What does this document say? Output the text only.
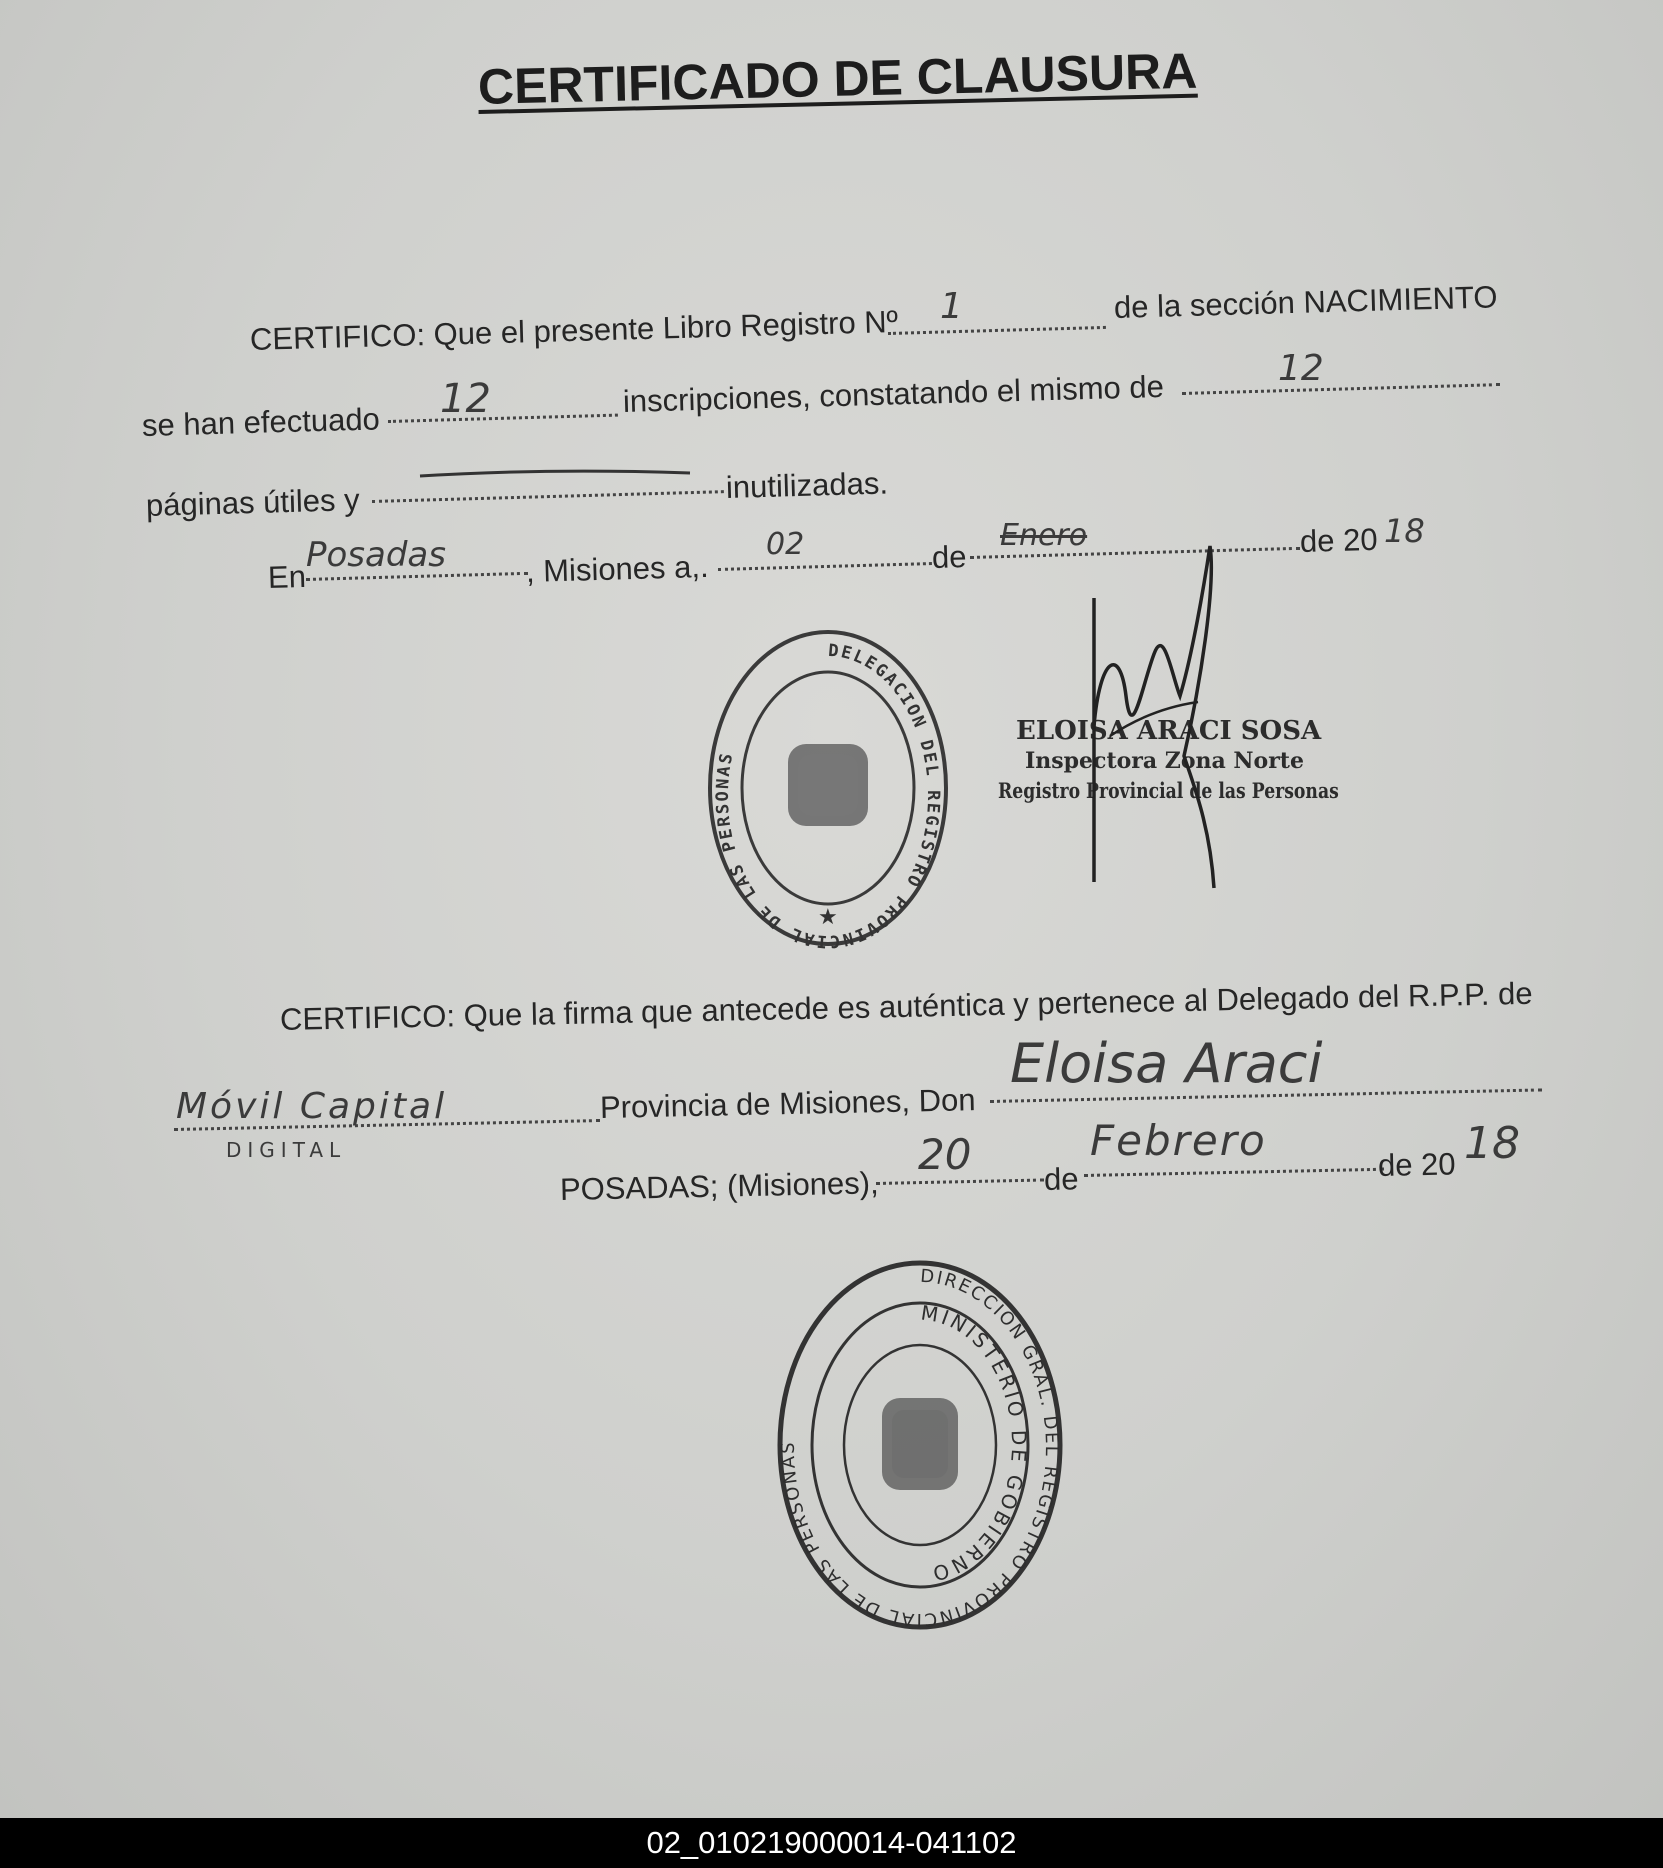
CERTIFICADO DE CLAUSURA
CERTIFICO: Que el presente Libro Registro Nº 1	de la sección NACIMIENTO
se han efectuado
12	inscripciones, constatando el mismo de
12
páginas útiles y	inutilizadas.
En
Posadas	, Misiones a,.
02	de
Enero	de 20 18
DELEGACION DEL REGISTRO PROVINCIAL DE LAS PERSONAS
★
ELOISA ARACI SOSA
Inspectora Zona Norte
Registro Provincial de las Personas
CERTIFICO: Que la firma que antecede es auténtica y pertenece al Delegado del R.P.P. de
Móvil Capital
DIGITAL
Provincia de Misiones, Don
Eloisa Araci
POSADAS; (Misiones),
20
de
Febrero	de 20 18
DIRECCION GRAL. DEL REGISTRO PROVINCIAL DE LAS PERSONAS
MINISTERIO DE GOBIERNO
02_010219000014-041102
